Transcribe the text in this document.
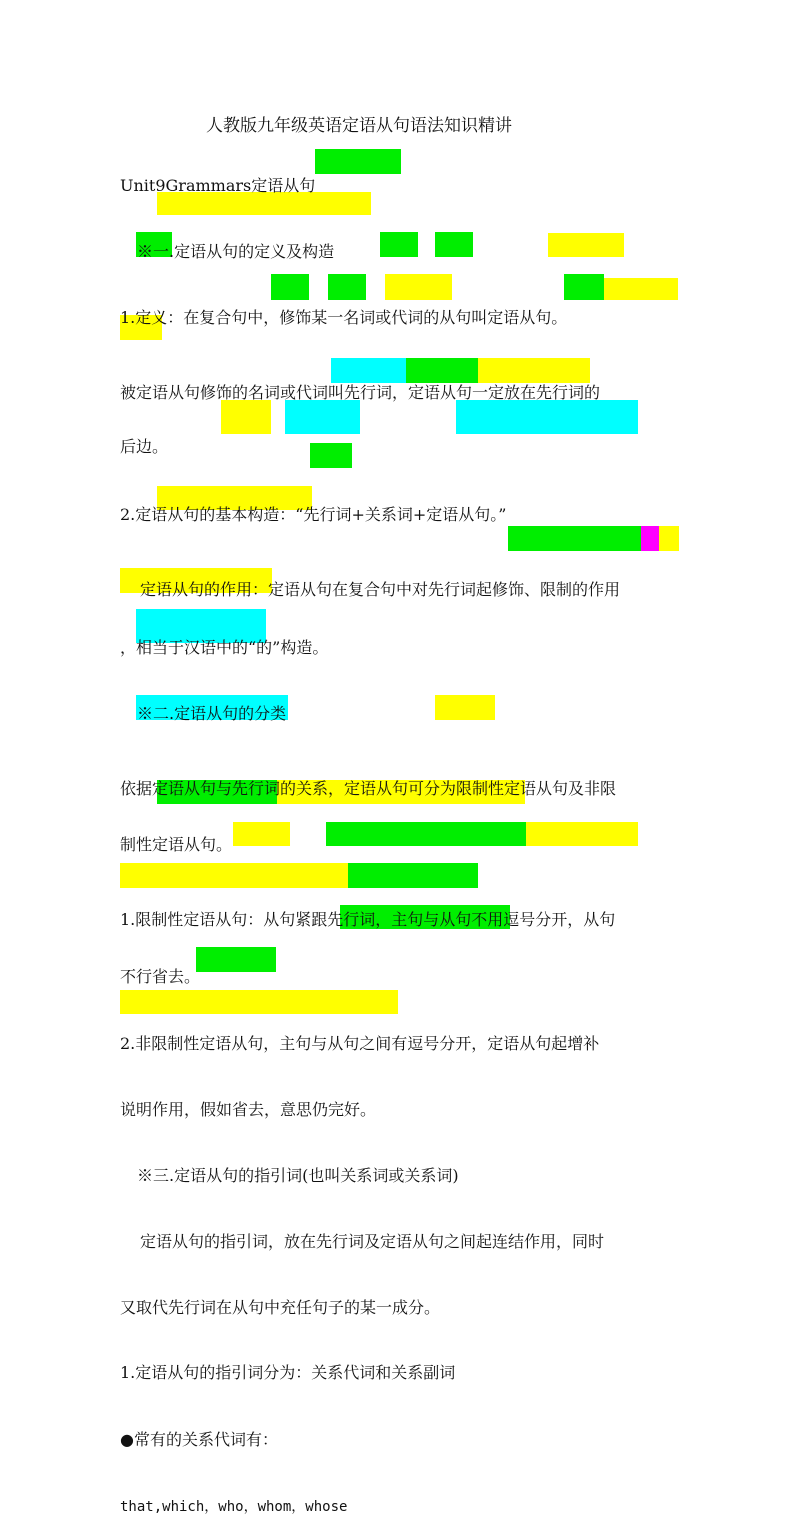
人教版九年级英语定语从句语法知识精讲
Unit9Grammars定语从句
※一.定语从句的定义及构造
1.定义：在复合句中，修饰某一名词或代词的从句叫定语从句。
被定语从句修饰的名词或代词叫先行词，定语从句一定放在先行词的
后边。
2.定语从句的基本构造：“先行词+关系词+定语从句。”
定语从句的作用：定语从句在复合句中对先行词起修饰、限制的作用
，相当于汉语中的“的”构造。
※二.定语从句的分类
依据定语从句与先行词的关系，定语从句可分为限制性定语从句及非限
制性定语从句。
1.限制性定语从句：从句紧跟先行词，主句与从句不用逗号分开，从句
不行省去。
2.非限制性定语从句，主句与从句之间有逗号分开，定语从句起增补
说明作用，假如省去，意思仍完好。
※三.定语从句的指引词(也叫关系词或关系词)
定语从句的指引词，放在先行词及定语从句之间起连结作用，同时
又取代先行词在从句中充任句子的某一成分。
1.定语从句的指引词分为：关系代词和关系副词
●常有的关系代词有：
that,which，who，whom，whose
